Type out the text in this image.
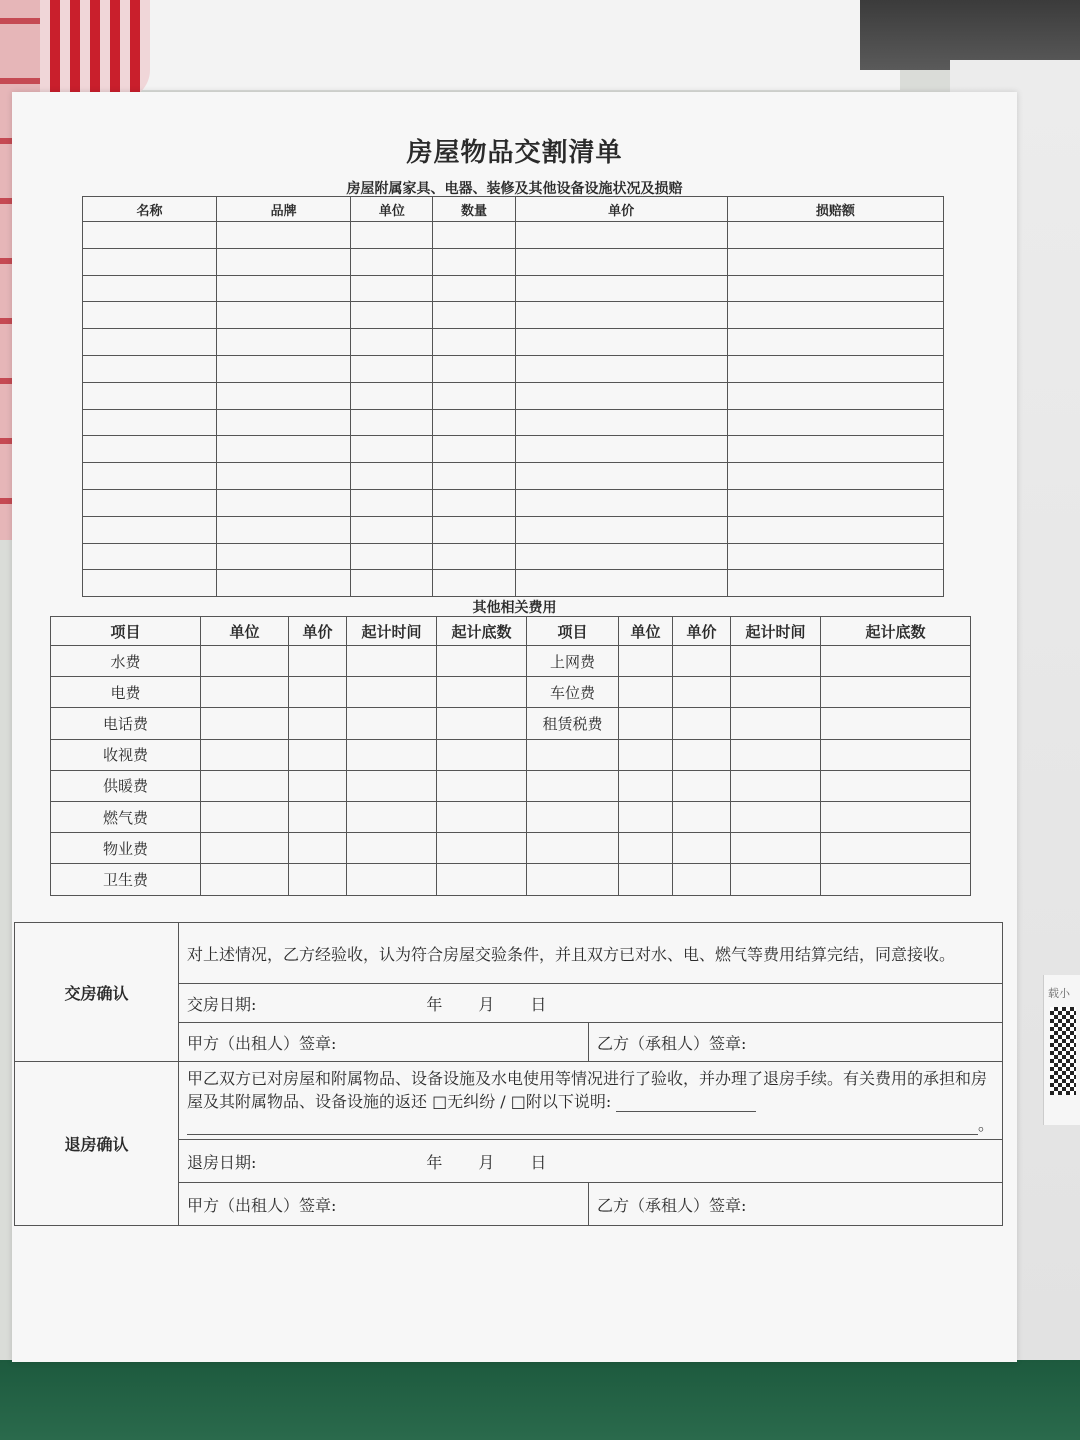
载小
房屋物品交割清单
房屋附属家具、电器、装修及其他设备设施状况及损赔
名称	品牌	单位	数量	单价	损赔额

其他相关费用
项目	单位	单价	起计时间	起计底数	项目	单位	单价	起计时间	起计底数
水费					上网费				
电费					车位费				
电话费					租赁税费				
收视费									
供暖费									
燃气费									
物业费									
卫生费									
交房确认	对上述情况，乙方经验收，认为符合房屋交验条件，并且双方已对水、电、燃气等费用结算完结，同意接收。	
	交房日期: 年 月 日	
	甲方（出租人）签章:	乙方（承租人）签章:
退房确认	甲乙双方已对房屋和附属物品、设备设施及水电使用等情况进行了验收，并办理了退房手续。有关费用的承担和房屋及其附属物品、设备设施的返还 □无纠纷 / □附以下说明:
。	

	退房日期: 年 月 日	
	甲方（出租人）签章:	乙方（承租人）签章:
